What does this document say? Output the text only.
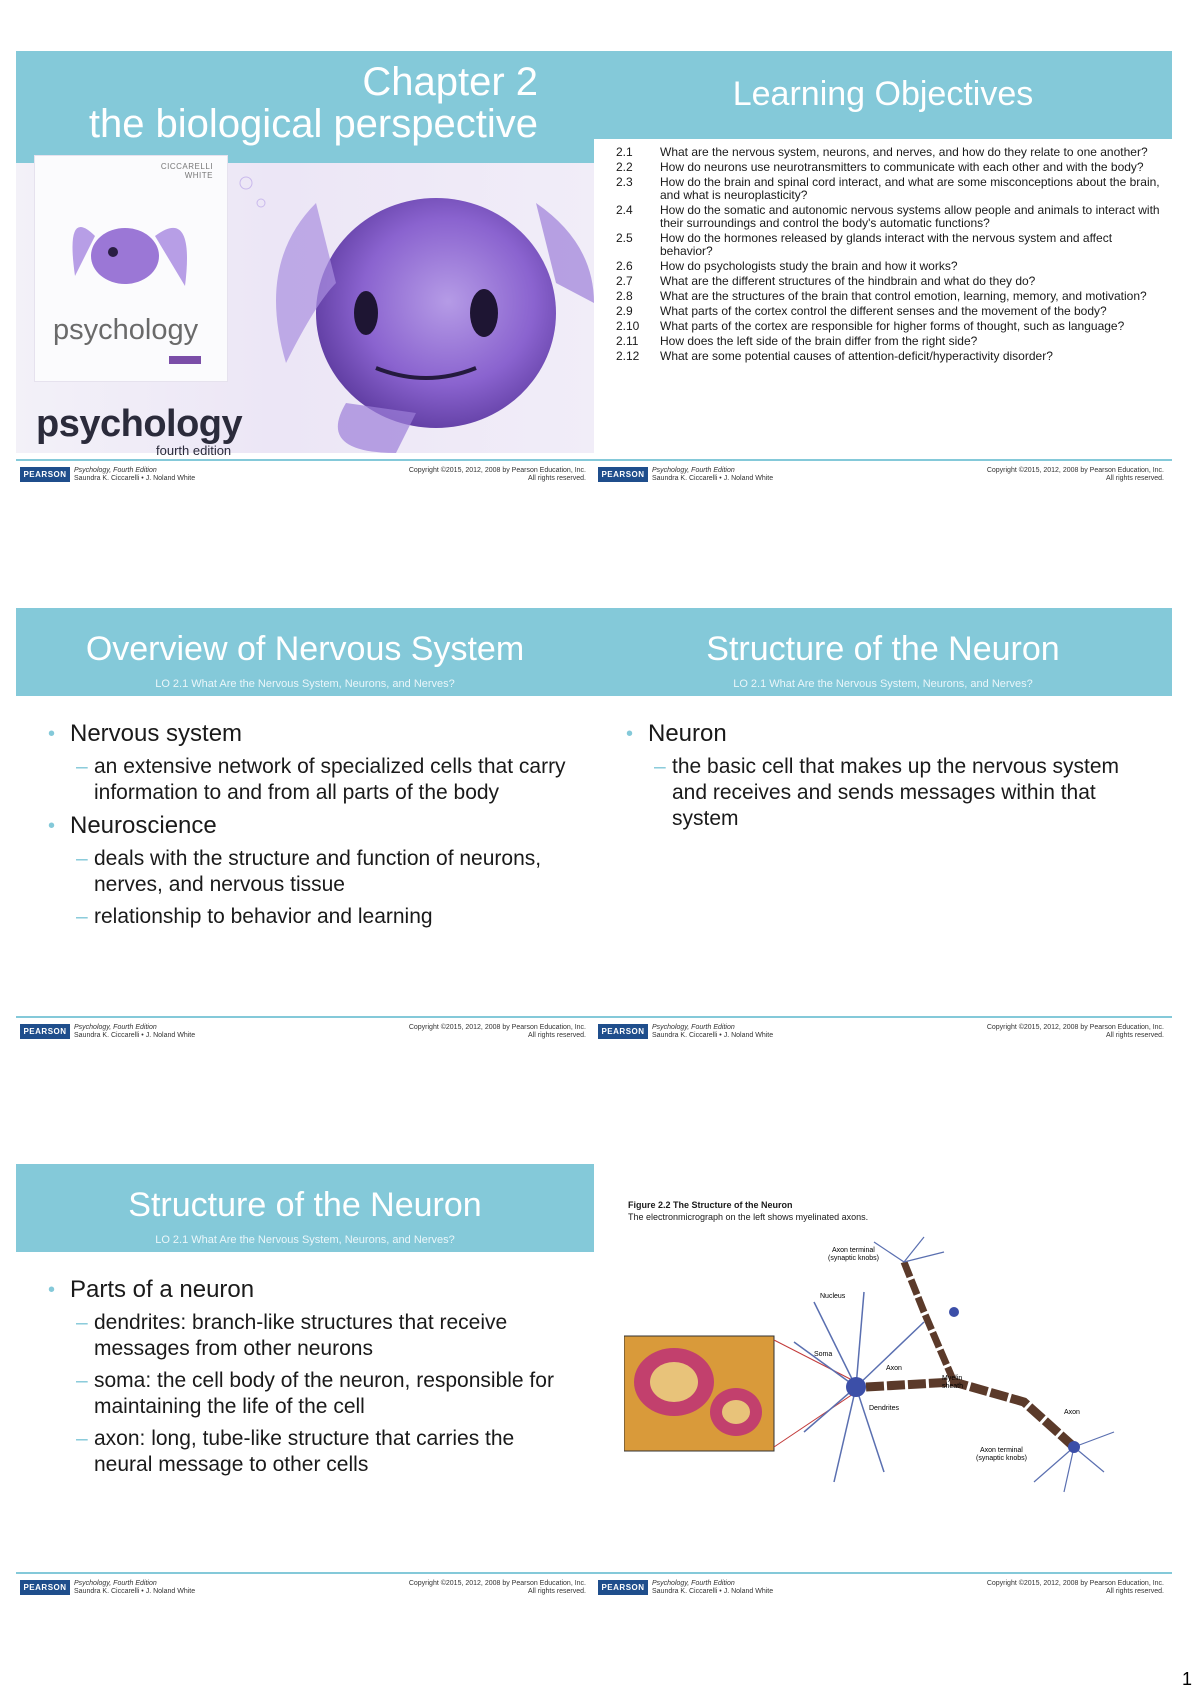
Chapter 2
the biological perspective
CICCARELLI
WHITE
psychology
psychology
fourth edition
PEARSON	Psychology, Fourth Edition
Saundra K. Ciccarelli • J. Noland White
Copyright ©2015, 2012, 2008 by Pearson Education, Inc.
All rights reserved.
Learning Objectives
2.1	What are the nervous system, neurons, and nerves, and how do they relate to one another?
2.2	How do neurons use neurotransmitters to communicate with each other and with the body?
2.3	How do the brain and spinal cord interact, and what are some misconceptions about the brain, and what is neuroplasticity?
2.4	How do the somatic and autonomic nervous systems allow people and animals to interact with their surroundings and control the body's automatic functions?
2.5	How do the hormones released by glands interact with the nervous system and affect behavior?
2.6	How do psychologists study the brain and how it works?
2.7	What are the different structures of the hindbrain and what do they do?
2.8	What are the structures of the brain that control emotion, learning, memory, and motivation?
2.9	What parts of the cortex control the different senses and the movement of the body?
2.10	What parts of the cortex are responsible for higher forms of thought, such as language?
2.11	How does the left side of the brain differ from the right side?
2.12	What are some potential causes of attention-deficit/hyperactivity disorder?
PEARSON	Psychology, Fourth Edition
Saundra K. Ciccarelli • J. Noland White
Copyright ©2015, 2012, 2008 by Pearson Education, Inc.
All rights reserved.
Overview of Nervous System
LO 2.1 What Are the Nervous System, Neurons, and Nerves?
• Nervous system
– an extensive network of specialized cells that carry information to and from all parts of the body
• Neuroscience
– deals with the structure and function of neurons, nerves, and nervous tissue
– relationship to behavior and learning
PEARSON	Psychology, Fourth Edition
Saundra K. Ciccarelli • J. Noland White
Copyright ©2015, 2012, 2008 by Pearson Education, Inc.
All rights reserved.
Structure of the Neuron
LO 2.1 What Are the Nervous System, Neurons, and Nerves?
• Neuron
– the basic cell that makes up the nervous system and receives and sends messages within that system
PEARSON	Psychology, Fourth Edition
Saundra K. Ciccarelli • J. Noland White
Copyright ©2015, 2012, 2008 by Pearson Education, Inc.
All rights reserved.
Structure of the Neuron
LO 2.1 What Are the Nervous System, Neurons, and Nerves?
• Parts of a neuron
– dendrites: branch-like structures that receive messages from other neurons
– soma: the cell body of the neuron, responsible for maintaining the life of the cell
– axon: long, tube-like structure that carries the neural message to other cells
PEARSON	Psychology, Fourth Edition
Saundra K. Ciccarelli • J. Noland White
Copyright ©2015, 2012, 2008 by Pearson Education, Inc.
All rights reserved.
Figure 2.2 The Structure of the Neuron
The electronmicrograph on the left shows myelinated axons.
Axon terminal
(synaptic knobs)
Nucleus
Soma
Axon
Myelin
sheath
Dendrites
Axon
Axon terminal
(synaptic knobs)
PEARSON	Psychology, Fourth Edition
Saundra K. Ciccarelli • J. Noland White
Copyright ©2015, 2012, 2008 by Pearson Education, Inc.
All rights reserved.
1
